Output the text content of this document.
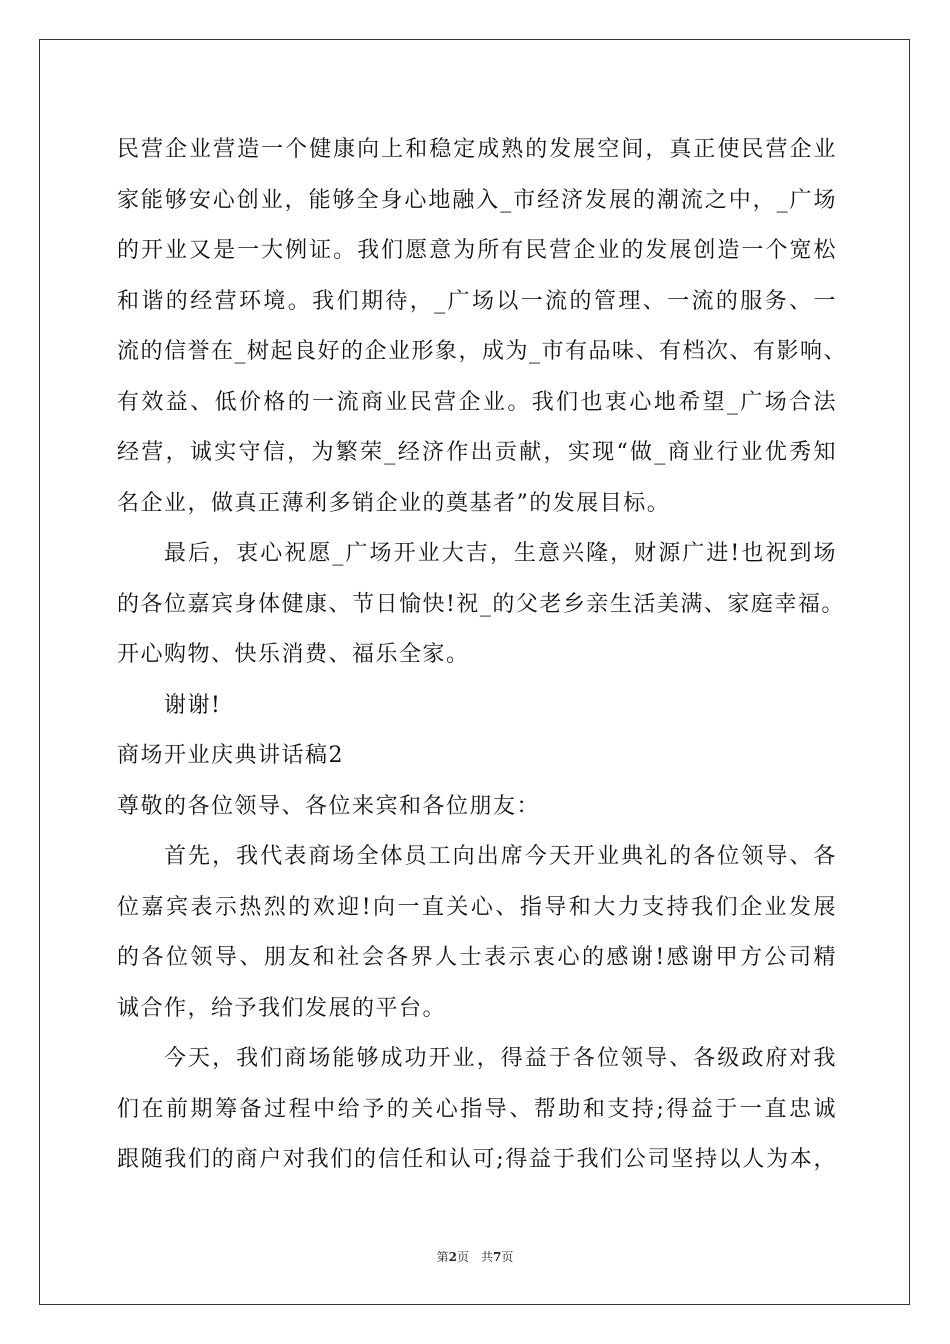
民营企业营造一个健康向上和稳定成熟的发展空间，真正使民营企业
家能够安心创业，能够全身心地融入_市经济发展的潮流之中，_广场
的开业又是一大例证。我们愿意为所有民营企业的发展创造一个宽松
和谐的经营环境。我们期待，_广场以一流的管理、一流的服务、一
流的信誉在_树起良好的企业形象，成为_市有品味、有档次、有影响、
有效益、低价格的一流商业民营企业。我们也衷心地希望_广场合法
经营，诚实守信，为繁荣_经济作出贡献，实现“做_商业行业优秀知
名企业，做真正薄利多销企业的奠基者”的发展目标。
最后，衷心祝愿_广场开业大吉，生意兴隆，财源广进!也祝到场
的各位嘉宾身体健康、节日愉快!祝_的父老乡亲生活美满、家庭幸福。
开心购物、快乐消费、福乐全家。
谢谢!
商场开业庆典讲话稿2
尊敬的各位领导、各位来宾和各位朋友：
首先，我代表商场全体员工向出席今天开业典礼的各位领导、各
位嘉宾表示热烈的欢迎!向一直关心、指导和大力支持我们企业发展
的各位领导、朋友和社会各界人士表示衷心的感谢!感谢甲方公司精
诚合作，给予我们发展的平台。
今天，我们商场能够成功开业，得益于各位领导、各级政府对我
们在前期筹备过程中给予的关心指导、帮助和支持;得益于一直忠诚
跟随我们的商户对我们的信任和认可;得益于我们公司坚持以人为本，
第2页　共7页
